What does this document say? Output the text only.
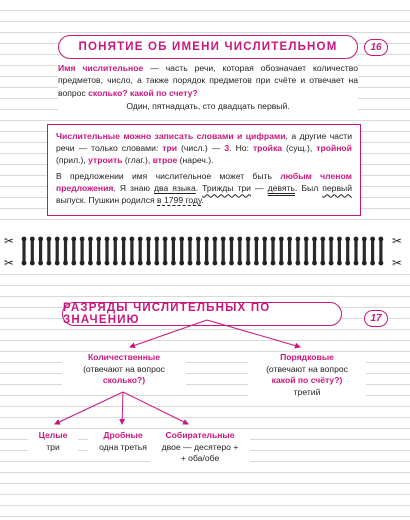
ПОНЯТИЕ ОБ ИМЕНИ ЧИСЛИТЕЛЬНОМ	16
Имя числительное — часть речи, которая обозначает количество предметов, число, а также порядок предметов при счёте и отвечает на вопрос сколько? какой по счету?
Один, пятнадцать, сто двадцать первый.

Числительные можно записать словами и цифрами, а другие части речи — только словами: три (числ.) — 3. Но: тройка (сущ.), тройной (прил.), утроить (глаг.), втрое (нареч.).

В предложении имя числительное может быть любым членом предложения. Я знаю два языка. Трижды три — девять. Был первый выпуск. Пушкин родился в 1799 году.

✂	✂
✂	✂
РАЗРЯДЫ ЧИСЛИТЕЛЬНЫХ ПО ЗНАЧЕНИЮ	17
Количественные
(отвечают на вопрос
сколько?)
Порядковые
(отвечают на вопрос
какой по счёту?)
третий
Целые
три
Дробные
одна третья
Собирательные
двое — десятеро +
+ оба/обе
